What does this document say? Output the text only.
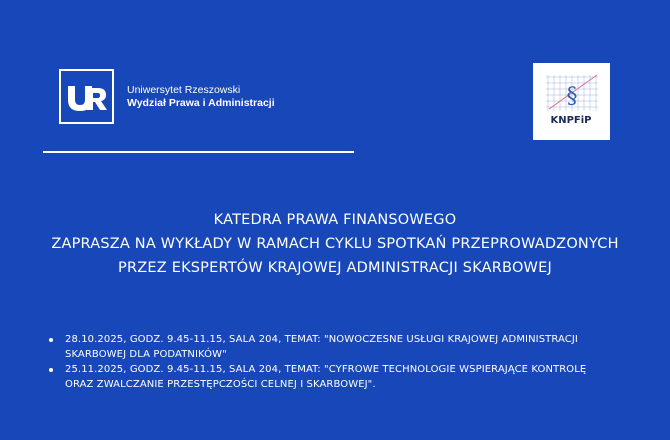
Uniwersytet Rzeszowski
Wydział Prawa i Administracji	§
KNPFiP
KATEDRA PRAWA FINANSOWEGO
ZAPRASZA NA WYKŁADY W RAMACH CYKLU SPOTKAŃ PRZEPROWADZONYCH
PRZEZ EKSPERTÓW KRAJOWEJ ADMINISTRACJI SKARBOWEJ
28.10.2025, GODZ. 9.45-11.15, SALA 204, TEMAT: "NOWOCZESNE USŁUGI KRAJOWEJ ADMINISTRACJI
SKARBOWEJ DLA PODATNIKÓW"
25.11.2025, GODZ. 9.45-11.15, SALA 204, TEMAT: "CYFROWE TECHNOLOGIE WSPIERAJĄCE KONTROLĘ
ORAZ ZWALCZANIE PRZESTĘPCZOŚCI CELNEJ I SKARBOWEJ".
